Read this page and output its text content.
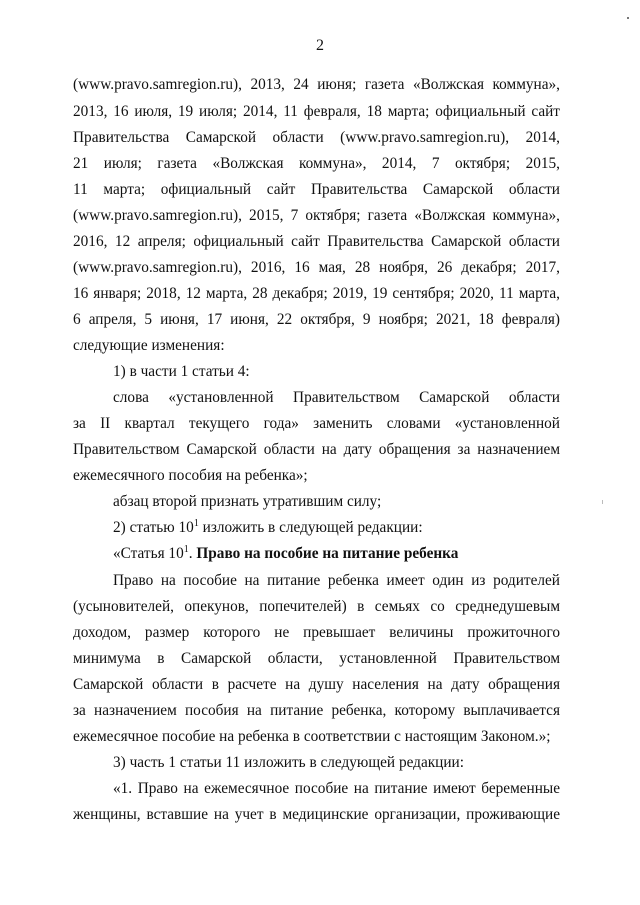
2
(www.pravo.samregion.ru), 2013, 24 июня; газета «Волжская коммуна»,
2013, 16 июля, 19 июля; 2014, 11 февраля, 18 марта; официальный сайт
Правительства Самарской области (www.pravo.samregion.ru), 2014,
21 июля; газета «Волжская коммуна», 2014, 7 октября; 2015,
11 марта; официальный сайт Правительства Самарской области
(www.pravo.samregion.ru), 2015, 7 октября; газета «Волжская коммуна»,
2016, 12 апреля; официальный сайт Правительства Самарской области
(www.pravo.samregion.ru), 2016, 16 мая, 28 ноября, 26 декабря; 2017,
16 января; 2018, 12 марта, 28 декабря; 2019, 19 сентября; 2020, 11 марта,
6 апреля, 5 июня, 17 июня, 22 октября, 9 ноября; 2021, 18 февраля)
следующие изменения:
1) в части 1 статьи 4:
слова «установленной Правительством Самарской области
за II квартал текущего года» заменить словами «установленной
Правительством Самарской области на дату обращения за назначением
ежемесячного пособия на ребенка»;
абзац второй признать утратившим силу;
2) статью $10^1$ изложить в следующей редакции:
«Статья $10^1$. Право на пособие на питание ребенка
Право на пособие на питание ребенка имеет один из родителей
(усыновителей, опекунов, попечителей) в семьях со среднедушевым
доходом, размер которого не превышает величины прожиточного
минимума в Самарской области, установленной Правительством
Самарской области в расчете на душу населения на дату обращения
за назначением пособия на питание ребенка, которому выплачивается
ежемесячное пособие на ребенка в соответствии с настоящим Законом.»;
3) часть 1 статьи 11 изложить в следующей редакции:
«1. Право на ежемесячное пособие на питание имеют беременные
женщины, вставшие на учет в медицинские организации, проживающие
